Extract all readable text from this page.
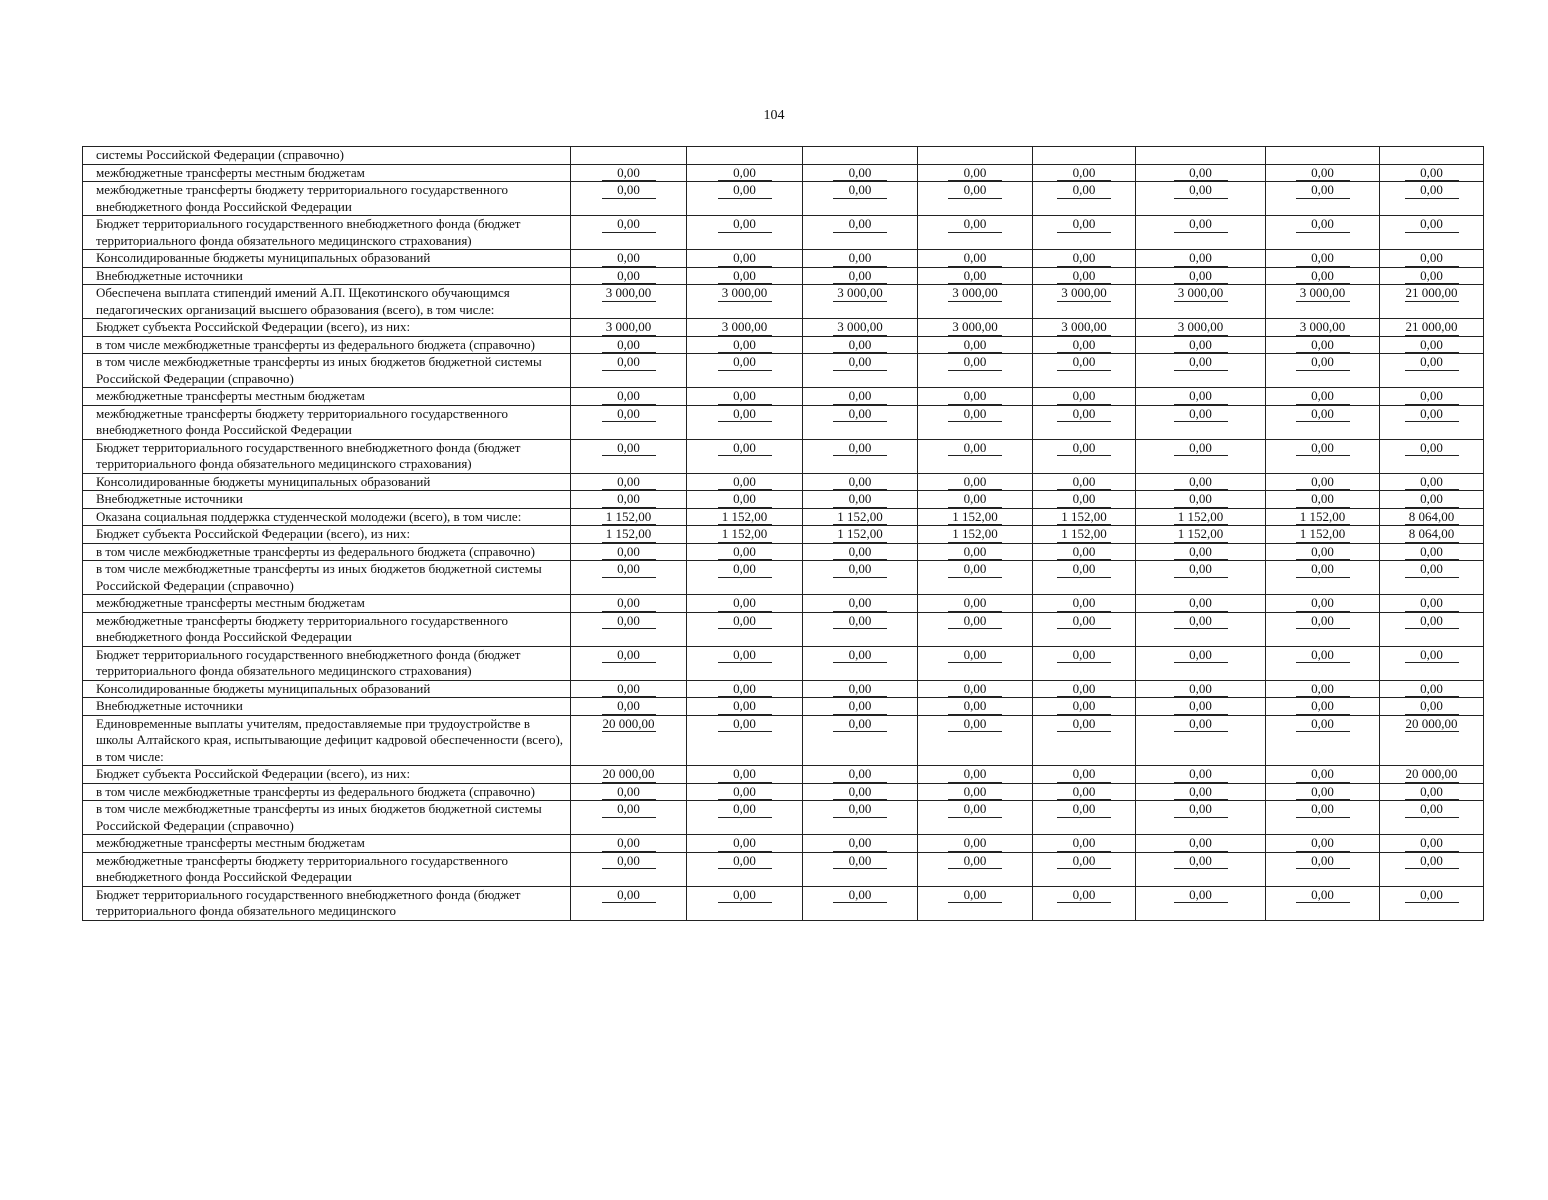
104
системы Российской Федерации (справочно)								
межбюджетные трансферты местным бюджетам	0,00	0,00	0,00	0,00	0,00	0,00	0,00	0,00
межбюджетные трансферты бюджету территориального государственного внебюджетного фонда Российской Федерации	0,00	0,00	0,00	0,00	0,00	0,00	0,00	0,00
Бюджет территориального государственного внебюджетного фонда (бюджет территориального фонда обязательного медицинского страхования)	0,00	0,00	0,00	0,00	0,00	0,00	0,00	0,00
Консолидированные бюджеты муниципальных образований	0,00	0,00	0,00	0,00	0,00	0,00	0,00	0,00
Внебюджетные источники	0,00	0,00	0,00	0,00	0,00	0,00	0,00	0,00
Обеспечена выплата стипендий имений А.П. Щекотинского обучающимся педагогических организаций высшего образования (всего), в том числе:	3 000,00	3 000,00	3 000,00	3 000,00	3 000,00	3 000,00	3 000,00	21 000,00
Бюджет субъекта Российской Федерации (всего), из них:	3 000,00	3 000,00	3 000,00	3 000,00	3 000,00	3 000,00	3 000,00	21 000,00
в том числе межбюджетные трансферты из федерального бюджета (справочно)	0,00	0,00	0,00	0,00	0,00	0,00	0,00	0,00
в том числе межбюджетные трансферты из иных бюджетов бюджетной системы Российской Федерации (справочно)	0,00	0,00	0,00	0,00	0,00	0,00	0,00	0,00
межбюджетные трансферты местным бюджетам	0,00	0,00	0,00	0,00	0,00	0,00	0,00	0,00
межбюджетные трансферты бюджету территориального государственного внебюджетного фонда Российской Федерации	0,00	0,00	0,00	0,00	0,00	0,00	0,00	0,00
Бюджет территориального государственного внебюджетного фонда (бюджет территориального фонда обязательного медицинского страхования)	0,00	0,00	0,00	0,00	0,00	0,00	0,00	0,00
Консолидированные бюджеты муниципальных образований	0,00	0,00	0,00	0,00	0,00	0,00	0,00	0,00
Внебюджетные источники	0,00	0,00	0,00	0,00	0,00	0,00	0,00	0,00
Оказана социальная поддержка студенческой молодежи (всего), в том числе:	1 152,00	1 152,00	1 152,00	1 152,00	1 152,00	1 152,00	1 152,00	8 064,00
Бюджет субъекта Российской Федерации (всего), из них:	1 152,00	1 152,00	1 152,00	1 152,00	1 152,00	1 152,00	1 152,00	8 064,00
в том числе межбюджетные трансферты из федерального бюджета (справочно)	0,00	0,00	0,00	0,00	0,00	0,00	0,00	0,00
в том числе межбюджетные трансферты из иных бюджетов бюджетной системы Российской Федерации (справочно)	0,00	0,00	0,00	0,00	0,00	0,00	0,00	0,00
межбюджетные трансферты местным бюджетам	0,00	0,00	0,00	0,00	0,00	0,00	0,00	0,00
межбюджетные трансферты бюджету территориального государственного внебюджетного фонда Российской Федерации	0,00	0,00	0,00	0,00	0,00	0,00	0,00	0,00
Бюджет территориального государственного внебюджетного фонда (бюджет территориального фонда обязательного медицинского страхования)	0,00	0,00	0,00	0,00	0,00	0,00	0,00	0,00
Консолидированные бюджеты муниципальных образований	0,00	0,00	0,00	0,00	0,00	0,00	0,00	0,00
Внебюджетные источники	0,00	0,00	0,00	0,00	0,00	0,00	0,00	0,00
Единовременные выплаты учителям, предоставляемые при трудоустройстве в школы Алтайского края, испытывающие дефицит кадровой обеспеченности (всего), в том числе:	20 000,00	0,00	0,00	0,00	0,00	0,00	0,00	20 000,00
Бюджет субъекта Российской Федерации (всего), из них:	20 000,00	0,00	0,00	0,00	0,00	0,00	0,00	20 000,00
в том числе межбюджетные трансферты из федерального бюджета (справочно)	0,00	0,00	0,00	0,00	0,00	0,00	0,00	0,00
в том числе межбюджетные трансферты из иных бюджетов бюджетной системы Российской Федерации (справочно)	0,00	0,00	0,00	0,00	0,00	0,00	0,00	0,00
межбюджетные трансферты местным бюджетам	0,00	0,00	0,00	0,00	0,00	0,00	0,00	0,00
межбюджетные трансферты бюджету территориального государственного внебюджетного фонда Российской Федерации	0,00	0,00	0,00	0,00	0,00	0,00	0,00	0,00
Бюджет территориального государственного внебюджетного фонда (бюджет территориального фонда обязательного медицинского	0,00	0,00	0,00	0,00	0,00	0,00	0,00	0,00
